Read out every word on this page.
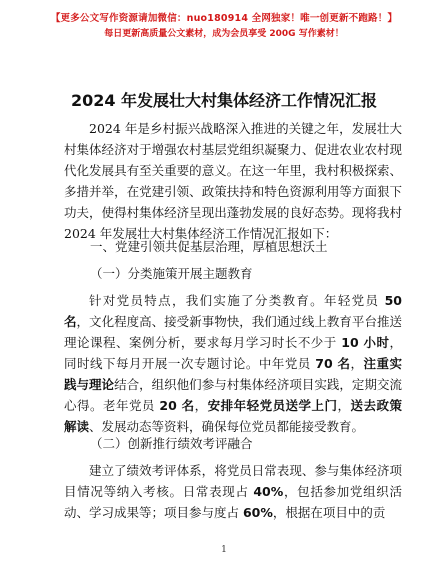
【更多公文写作资源请加微信：nuo180914 全网独家！唯一创更新不跑路！】
每日更新高质量公文素材，成为会员享受 200G 写作素材！
2024 年发展壮大村集体经济工作情况汇报
2024 年是乡村振兴战略深入推进的关键之年，发展壮大村集体经济对于增强农村基层党组织凝聚力、促进农业农村现代化发展具有至关重要的意义。在这一年里，我村积极探索、多措并举，在党建引领、政策扶持和特色资源利用等方面狠下功夫，使得村集体经济呈现出蓬勃发展的良好态势。现将我村 2024 年发展壮大村集体经济工作情况汇报如下：
一、党建引领共促基层治理，厚植思想沃土
（一）分类施策开展主题教育
针对党员特点，我们实施了分类教育。年轻党员 50 名，文化程度高、接受新事物快，我们通过线上教育平台推送理论课程、案例分析，要求每月学习时长不少于 10 小时，同时线下每月开展一次专题讨论。中年党员 70 名，注重实践与理论结合，组织他们参与村集体经济项目实践，定期交流心得。老年党员 20 名，安排年轻党员送学上门，送去政策解读、发展动态等资料，确保每位党员都能接受教育。
（二）创新推行绩效考评融合
建立了绩效考评体系，将党员日常表现、参与集体经济项目情况等纳入考核。日常表现占 40%，包括参加党组织活动、学习成果等；项目参与度占 60%，根据在项目中的贡
1
